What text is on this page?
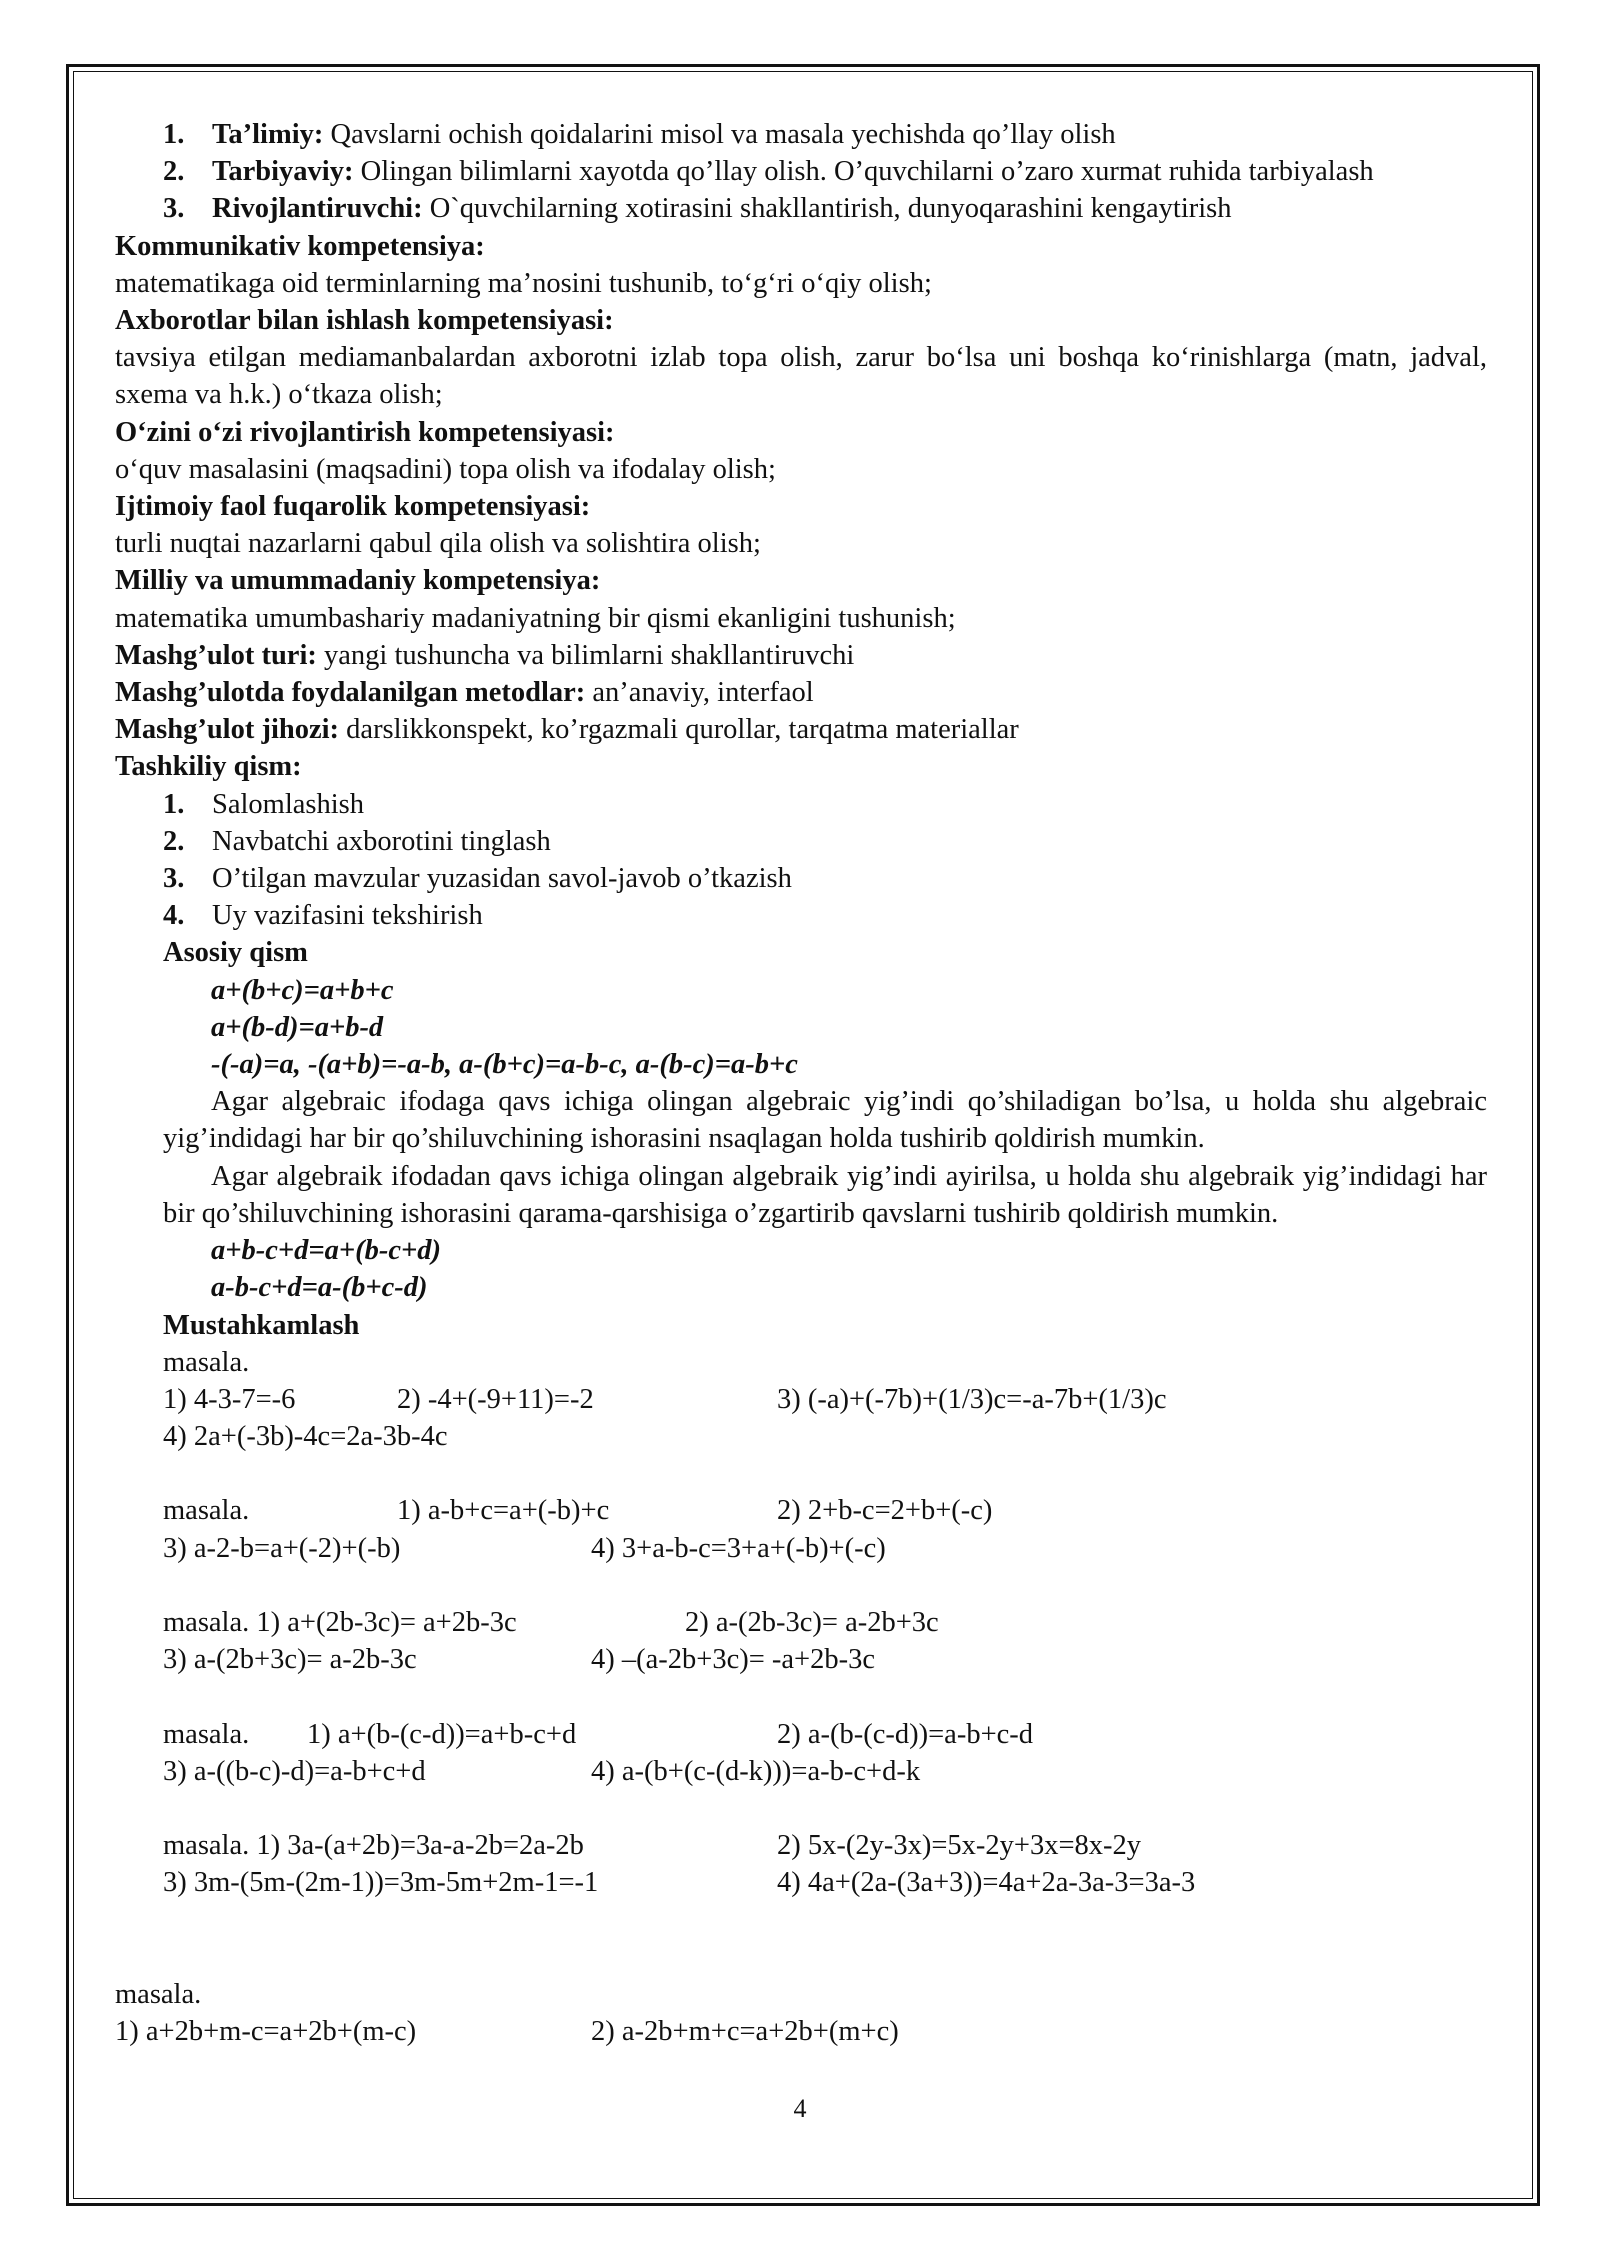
1. Ta’limiy: Qavslarni ochish qoidalarini misol va masala yechishda qo’llay olish
2. Tarbiyaviy: Olingan bilimlarni xayotda qo’llay olish. O’quvchilarni o’zaro xurmat ruhida tarbiyalash
3. Rivojlantiruvchi: O`quvchilarning xotirasini shakllantirish, dunyoqarashini kengaytirish

Kommunikativ kompetensiya:

matematikaga oid terminlarning ma’nosini tushunib, to‘g‘ri o‘qiy olish;

Axborotlar bilan ishlash kompetensiyasi:

tavsiya etilgan mediamanbalardan axborotni izlab topa olish, zarur bo‘lsa uni boshqa ko‘rinishlarga (matn, jadval, sxema va h.k.) o‘tkaza olish;

O‘zini o‘zi rivojlantirish kompetensiyasi:

o‘quv masalasini (maqsadini) topa olish va ifodalay olish;

Ijtimoiy faol fuqarolik kompetensiyasi:

turli nuqtai nazarlarni qabul qila olish va solishtira olish;

Milliy va umummadaniy kompetensiya:

matematika umumbashariy madaniyatning bir qismi ekanligini tushunish;

Mashg’ulot turi: yangi tushuncha va bilimlarni shakllantiruvchi

Mashg’ulotda foydalanilgan metodlar: an’anaviy, interfaol

Mashg’ulot jihozi: darslikkonspekt, ko’rgazmali qurollar, tarqatma materiallar

Tashkiliy qism:

1. Salomlashish
2. Navbatchi axborotini tinglash
3. O’tilgan mavzular yuzasidan savol-javob o’tkazish
4. Uy vazifasini tekshirish

Asosiy qism

a+(b+c)=a+b+c

a+(b-d)=a+b-d

-(-a)=a, -(a+b)=-a-b, a-(b+c)=a-b-c, a-(b-c)=a-b+c

Agar algebraic ifodaga qavs ichiga olingan algebraic yig’indi qo’shiladigan bo’lsa, u holda shu algebraic yig’indidagi har bir qo’shiluvchining ishorasini nsaqlagan holda tushirib qoldirish mumkin.

Agar algebraik ifodadan qavs ichiga olingan algebraik yig’indi ayirilsa, u holda shu algebraik yig’indidagi har bir qo’shiluvchining ishorasini qarama-qarshisiga o’zgartirib qavslarni tushirib qoldirish mumkin.

a+b-c+d=a+(b-c+d)

a-b-c+d=a-(b+c-d)

Mustahkamlash

masala.

1) 4-3-7=-6	2) -4+(-9+11)=-2	3) (-a)+(-7b)+(1/3)c=-a-7b+(1/3)c
4) 2a+(-3b)-4c=2a-3b-4c
masala.	1) a-b+c=a+(-b)+c	2) 2+b-c=2+b+(-c)
3) a-2-b=a+(-2)+(-b)	4) 3+a-b-c=3+a+(-b)+(-c)
masala. 1) a+(2b-3c)= a+2b-3c	2) a-(2b-3c)= a-2b+3c
3) a-(2b+3c)= a-2b-3c	4) –(a-2b+3c)= -a+2b-3c
masala. 1) a+(b-(c-d))=a+b-c+d	2) a-(b-(c-d))=a-b+c-d
3) a-((b-c)-d)=a-b+c+d	4) a-(b+(c-(d-k)))=a-b-c+d-k
masala. 1) 3a-(a+2b)=3a-a-2b=2a-2b	2) 5x-(2y-3x)=5x-2y+3x=8x-2y
3) 3m-(5m-(2m-1))=3m-5m+2m-1=-1	4) 4a+(2a-(3a+3))=4a+2a-3a-3=3a-3

masala.

1) a+2b+m-c=a+2b+(m-c)	2) a-2b+m+c=a+2b+(m+c)
4
